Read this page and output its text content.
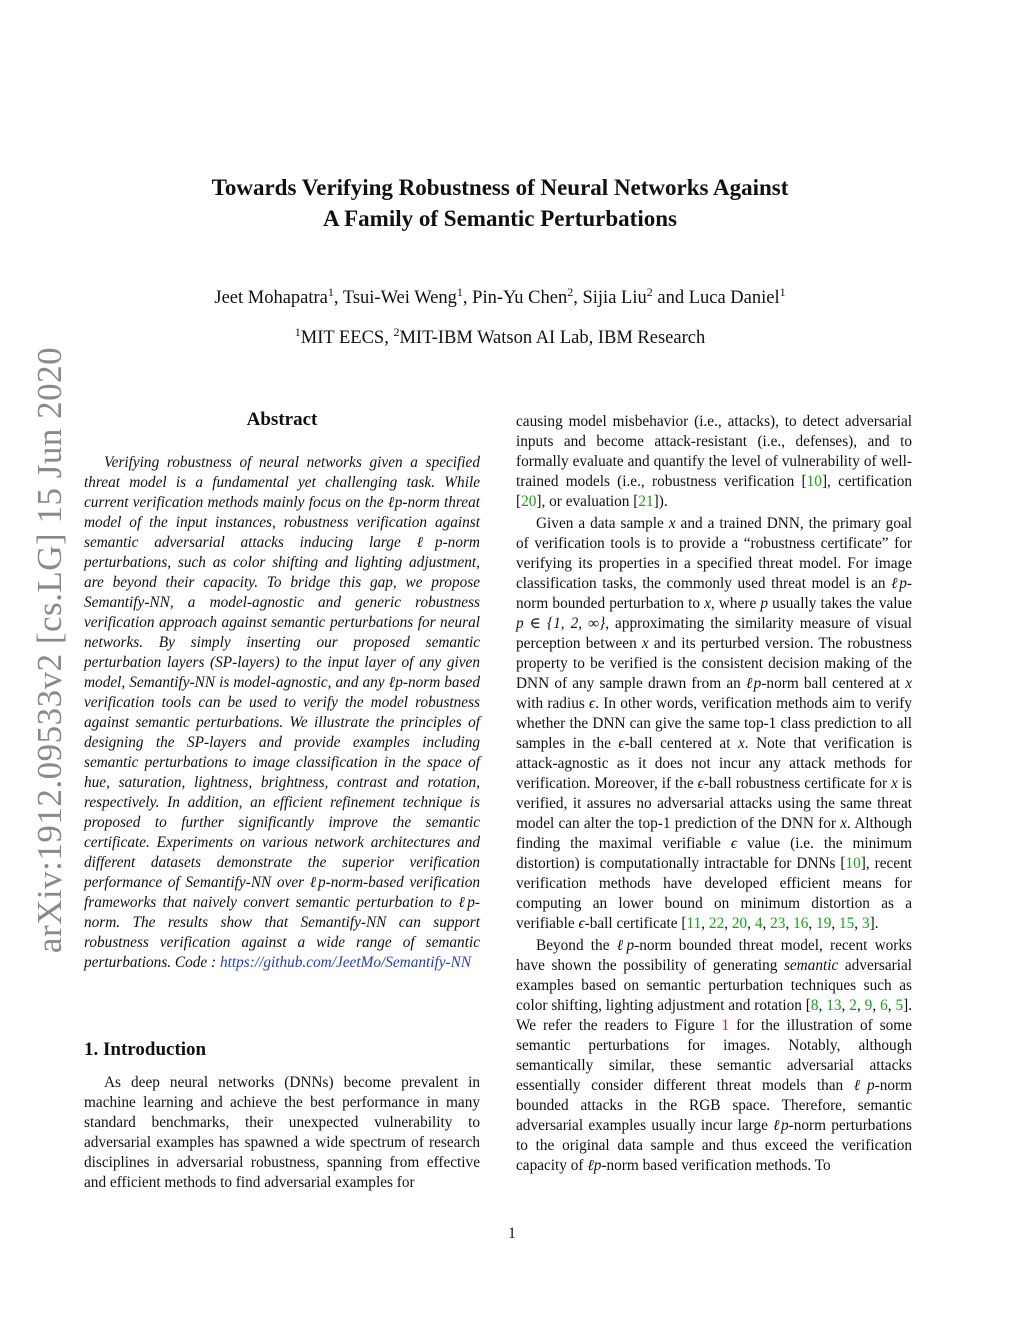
arXiv:1912.09533v2 [cs.LG] 15 Jun 2020
Towards Verifying Robustness of Neural Networks Against
A Family of Semantic Perturbations
Jeet Mohapatra$^1$, Tsui-Wei Weng$^1$, Pin-Yu Chen$^2$, Sijia Liu$^2$ and Luca Daniel$^1$
$^1$MIT EECS, $^2$MIT-IBM Watson AI Lab, IBM Research
Abstract

Verifying robustness of neural networks given a specified threat model is a fundamental yet challenging task. While current verification methods mainly focus on the ℓp-norm threat model of the input instances, robustness verification against semantic adversarial attacks inducing large ℓp-norm perturbations, such as color shifting and lighting adjustment, are beyond their capacity. To bridge this gap, we propose Semantify-NN, a model-agnostic and generic robustness verification approach against semantic perturbations for neural networks. By simply inserting our proposed semantic perturbation layers (SP-layers) to the input layer of any given model, Semantify-NN is model-agnostic, and any ℓp-norm based verification tools can be used to verify the model robustness against semantic perturbations. We illustrate the principles of designing the SP-layers and provide examples including semantic perturbations to image classification in the space of hue, saturation, lightness, brightness, contrast and rotation, respectively. In addition, an efficient refinement technique is proposed to further significantly improve the semantic certificate. Experiments on various network architectures and different datasets demonstrate the superior verification performance of Semantify-NN over ℓp-norm-based verification frameworks that naively convert semantic perturbation to ℓp-norm. The results show that Semantify-NN can support robustness verification against a wide range of semantic perturbations. Code : https://github.com/JeetMo/Semantify-NN

1. Introduction

As deep neural networks (DNNs) become prevalent in machine learning and achieve the best performance in many standard benchmarks, their unexpected vulnerability to adversarial examples has spawned a wide spectrum of research disciplines in adversarial robustness, spanning from effective and efficient methods to find adversarial examples for

causing model misbehavior (i.e., attacks), to detect adversarial inputs and become attack-resistant (i.e., defenses), and to formally evaluate and quantify the level of vulnerability of well-trained models (i.e., robustness verification [10], certification [20], or evaluation [21]).

Given a data sample x and a trained DNN, the primary goal of verification tools is to provide a “robustness certificate” for verifying its properties in a specified threat model. For image classification tasks, the commonly used threat model is an ℓp-norm bounded perturbation to x, where p usually takes the value p ∈ {1, 2, ∞}, approximating the similarity measure of visual perception between x and its perturbed version. The robustness property to be verified is the consistent decision making of the DNN of any sample drawn from an ℓp-norm ball centered at x with radius ϵ. In other words, verification methods aim to verify whether the DNN can give the same top-1 class prediction to all samples in the ϵ-ball centered at x. Note that verification is attack-agnostic as it does not incur any attack methods for verification. Moreover, if the ϵ-ball robustness certificate for x is verified, it assures no adversarial attacks using the same threat model can alter the top-1 prediction of the DNN for x. Although finding the maximal verifiable ϵ value (i.e. the minimum distortion) is computationally intractable for DNNs [10], recent verification methods have developed efficient means for computing an lower bound on minimum distortion as a verifiable ϵ-ball certificate [11, 22, 20, 4, 23, 16, 19, 15, 3].

Beyond the ℓp-norm bounded threat model, recent works have shown the possibility of generating semantic adversarial examples based on semantic perturbation techniques such as color shifting, lighting adjustment and rotation [8, 13, 2, 9, 6, 5]. We refer the readers to Figure 1 for the illustration of some semantic perturbations for images. Notably, although semantically similar, these semantic adversarial attacks essentially consider different threat models than ℓp-norm bounded attacks in the RGB space. Therefore, semantic adversarial examples usually incur large ℓp-norm perturbations to the original data sample and thus exceed the verification capacity of ℓp-norm based verification methods. To

1
